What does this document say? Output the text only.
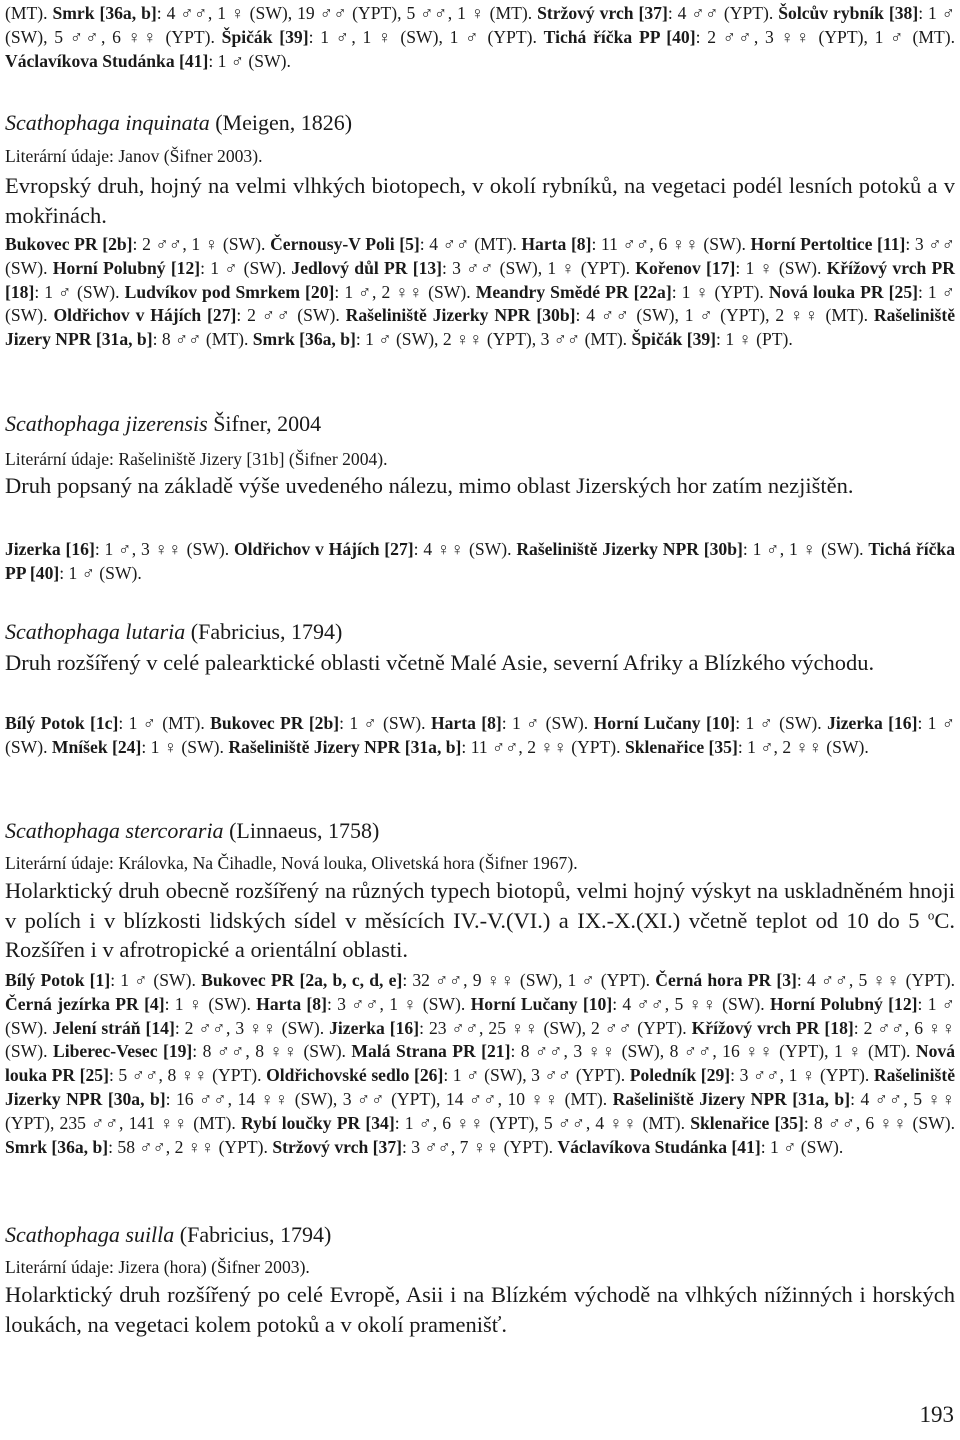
(MT). Smrk [36a, b]: 4 ♂♂, 1 ♀ (SW), 19 ♂♂ (YPT), 5 ♂♂, 1 ♀ (MT). Stržový vrch [37]: 4 ♂♂ (YPT). Šolcův rybník [38]: 1 ♂ (SW), 5 ♂♂, 6 ♀♀ (YPT). Špičák [39]: 1 ♂, 1 ♀ (SW), 1 ♂ (YPT). Tichá říčka PP [40]: 2 ♂♂, 3 ♀♀ (YPT), 1 ♂ (MT). Václavíkova Studánka [41]: 1 ♂ (SW).

Scathophaga inquinata (Meigen, 1826)

Literární údaje: Janov (Šifner 2003).

Evropský druh, hojný na velmi vlhkých biotopech, v okolí rybníků, na vegetaci podél lesních potoků a v mokřinách.

Bukovec PR [2b]: 2 ♂♂, 1 ♀ (SW). Černousy-V Poli [5]: 4 ♂♂ (MT). Harta [8]: 11 ♂♂, 6 ♀♀ (SW). Horní Pertoltice [11]: 3 ♂♂ (SW). Horní Polubný [12]: 1 ♂ (SW). Jedlový důl PR [13]: 3 ♂♂ (SW), 1 ♀ (YPT). Kořenov [17]: 1 ♀ (SW). Křížový vrch PR [18]: 1 ♂ (SW). Ludvíkov pod Smrkem [20]: 1 ♂, 2 ♀♀ (SW). Meandry Smědé PR [22a]: 1 ♀ (YPT). Nová louka PR [25]: 1 ♂ (SW). Oldřichov v Hájích [27]: 2 ♂♂ (SW). Rašeliniště Jizerky NPR [30b]: 4 ♂♂ (SW), 1 ♂ (YPT), 2 ♀♀ (MT). Rašeliniště Jizery NPR [31a, b]: 8 ♂♂ (MT). Smrk [36a, b]: 1 ♂ (SW), 2 ♀♀ (YPT), 3 ♂♂ (MT). Špičák [39]: 1 ♀ (PT).

Scathophaga jizerensis Šifner, 2004

Literární údaje: Rašeliniště Jizery [31b] (Šifner 2004).

Druh popsaný na základě výše uvedeného nálezu, mimo oblast Jizerských hor zatím nezjištěn.

Jizerka [16]: 1 ♂, 3 ♀♀ (SW). Oldřichov v Hájích [27]: 4 ♀♀ (SW). Rašeliniště Jizerky NPR [30b]: 1 ♂, 1 ♀ (SW). Tichá říčka PP [40]: 1 ♂ (SW).

Scathophaga lutaria (Fabricius, 1794)

Druh rozšířený v celé palearktické oblasti včetně Malé Asie, severní Afriky a Blízkého východu.

Bílý Potok [1c]: 1 ♂ (MT). Bukovec PR [2b]: 1 ♂ (SW). Harta [8]: 1 ♂ (SW). Horní Lučany [10]: 1 ♂ (SW). Jizerka [16]: 1 ♂ (SW). Mníšek [24]: 1 ♀ (SW). Rašeliniště Jizery NPR [31a, b]: 11 ♂♂, 2 ♀♀ (YPT). Sklenařice [35]: 1 ♂, 2 ♀♀ (SW).

Scathophaga stercoraria (Linnaeus, 1758)

Literární údaje: Královka, Na Čihadle, Nová louka, Olivetská hora (Šifner 1967).

Holarktický druh obecně rozšířený na různých typech biotopů, velmi hojný výskyt na uskladněném hnoji v polích i v blízkosti lidských sídel v měsících IV.-V.(VI.) a IX.-X.(XI.) včetně teplot od 10 do 5 $^o$C. Rozšířen i v afrotropické a orientální oblasti.

Bílý Potok [1]: 1 ♂ (SW). Bukovec PR [2a, b, c, d, e]: 32 ♂♂, 9 ♀♀ (SW), 1 ♂ (YPT). Černá hora PR [3]: 4 ♂♂, 5 ♀♀ (YPT). Černá jezírka PR [4]: 1 ♀ (SW). Harta [8]: 3 ♂♂, 1 ♀ (SW). Horní Lučany [10]: 4 ♂♂, 5 ♀♀ (SW). Horní Polubný [12]: 1 ♂ (SW). Jelení stráň [14]: 2 ♂♂, 3 ♀♀ (SW). Jizerka [16]: 23 ♂♂, 25 ♀♀ (SW), 2 ♂♂ (YPT). Křížový vrch PR [18]: 2 ♂♂, 6 ♀♀ (SW). Liberec-Vesec [19]: 8 ♂♂, 8 ♀♀ (SW). Malá Strana PR [21]: 8 ♂♂, 3 ♀♀ (SW), 8 ♂♂, 16 ♀♀ (YPT), 1 ♀ (MT). Nová louka PR [25]: 5 ♂♂, 8 ♀♀ (YPT). Oldřichovské sedlo [26]: 1 ♂ (SW), 3 ♂♂ (YPT). Poledník [29]: 3 ♂♂, 1 ♀ (YPT). Rašeliniště Jizerky NPR [30a, b]: 16 ♂♂, 14 ♀♀ (SW), 3 ♂♂ (YPT), 14 ♂♂, 10 ♀♀ (MT). Rašeliniště Jizery NPR [31a, b]: 4 ♂♂, 5 ♀♀ (YPT), 235 ♂♂, 141 ♀♀ (MT). Rybí loučky PR [34]: 1 ♂, 6 ♀♀ (YPT), 5 ♂♂, 4 ♀♀ (MT). Sklenařice [35]: 8 ♂♂, 6 ♀♀ (SW). Smrk [36a, b]: 58 ♂♂, 2 ♀♀ (YPT). Stržový vrch [37]: 3 ♂♂, 7 ♀♀ (YPT). Václavíkova Studánka [41]: 1 ♂ (SW).

Scathophaga suilla (Fabricius, 1794)

Literární údaje: Jizera (hora) (Šifner 2003).

Holarktický druh rozšířený po celé Evropě, Asii i na Blízkém východě na vlhkých nížinných i horských loukách, na vegetaci kolem potoků a v okolí pramenišť.

193
